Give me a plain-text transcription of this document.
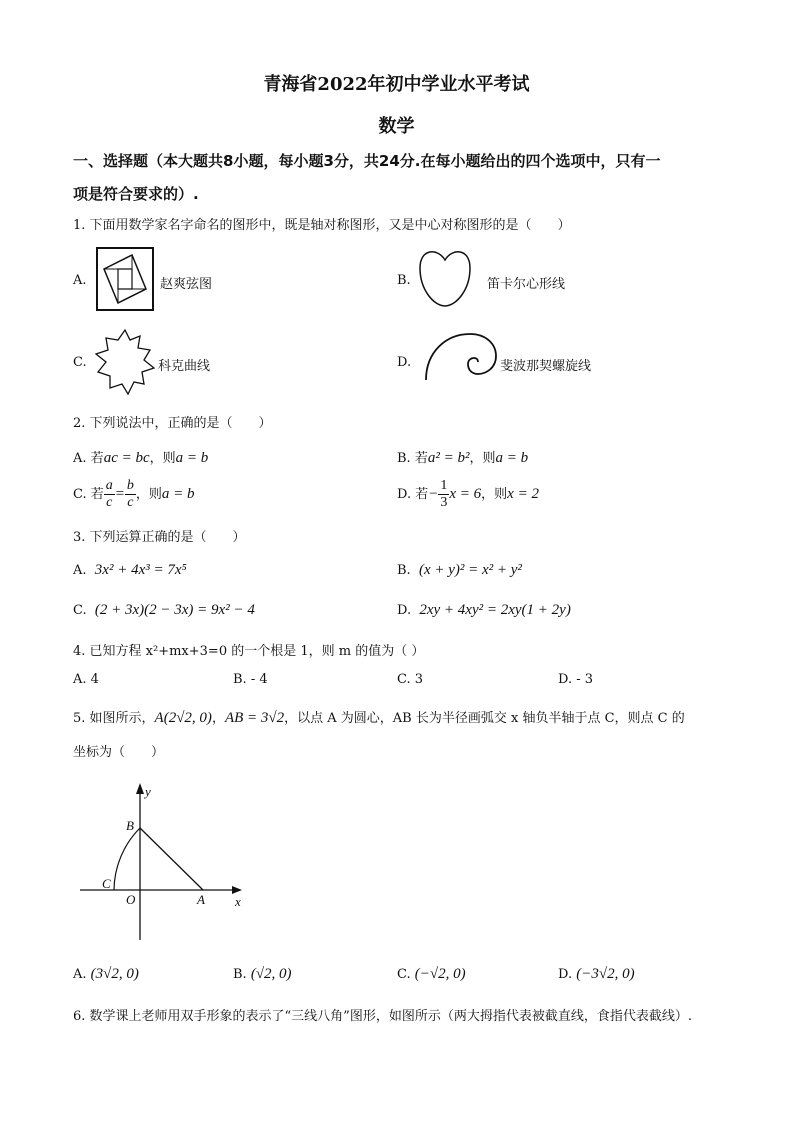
青海省2022年初中学业水平考试
数学
一、选择题（本大题共8小题，每小题3分，共24分.在每小题给出的四个选项中，只有一
项是符合要求的）.
1. 下面用数学家名字命名的图形中，既是轴对称图形，又是中心对称图形的是（　　）
A.	赵爽弦图	B.	笛卡尔心形线
C.	科克曲线	D.	斐波那契螺旋线
2. 下列说法中，正确的是（　　）
A. 若ac = bc，则a = b	B. 若a² = b²，则a = b
C. 若 $\frac{a}{c} = \frac{b}{c}$ ，则a = b	D. 若− $\frac{1}{3}$ x = 6，则x = 2
3. 下列运算正确的是（　　）
A. 3x² + 4x³ = 7x⁵	B. (x + y)² = x² + y²
C. (2 + 3x)(2 − 3x) = 9x² − 4	D. 2xy + 4xy² = 2xy(1 + 2y)
4. 已知方程 x²+mx+3=0 的一个根是 1，则 m 的值为（ ）
A. 4	B. - 4	C. 3	D. - 3
5. 如图所示，A(2√2, 0)，AB = 3√2，以点 A 为圆心，AB 长为半径画弧交 x 轴负半轴于点 C，则点 C 的
坐标为（　　）
y
x
B
C
O	A
A. (3√2, 0)	B. (√2, 0)	C. (−√2, 0)	D. (−3√2, 0)
6. 数学课上老师用双手形象的表示了“三线八角”图形，如图所示（两大拇指代表被截直线，食指代表截线）.
